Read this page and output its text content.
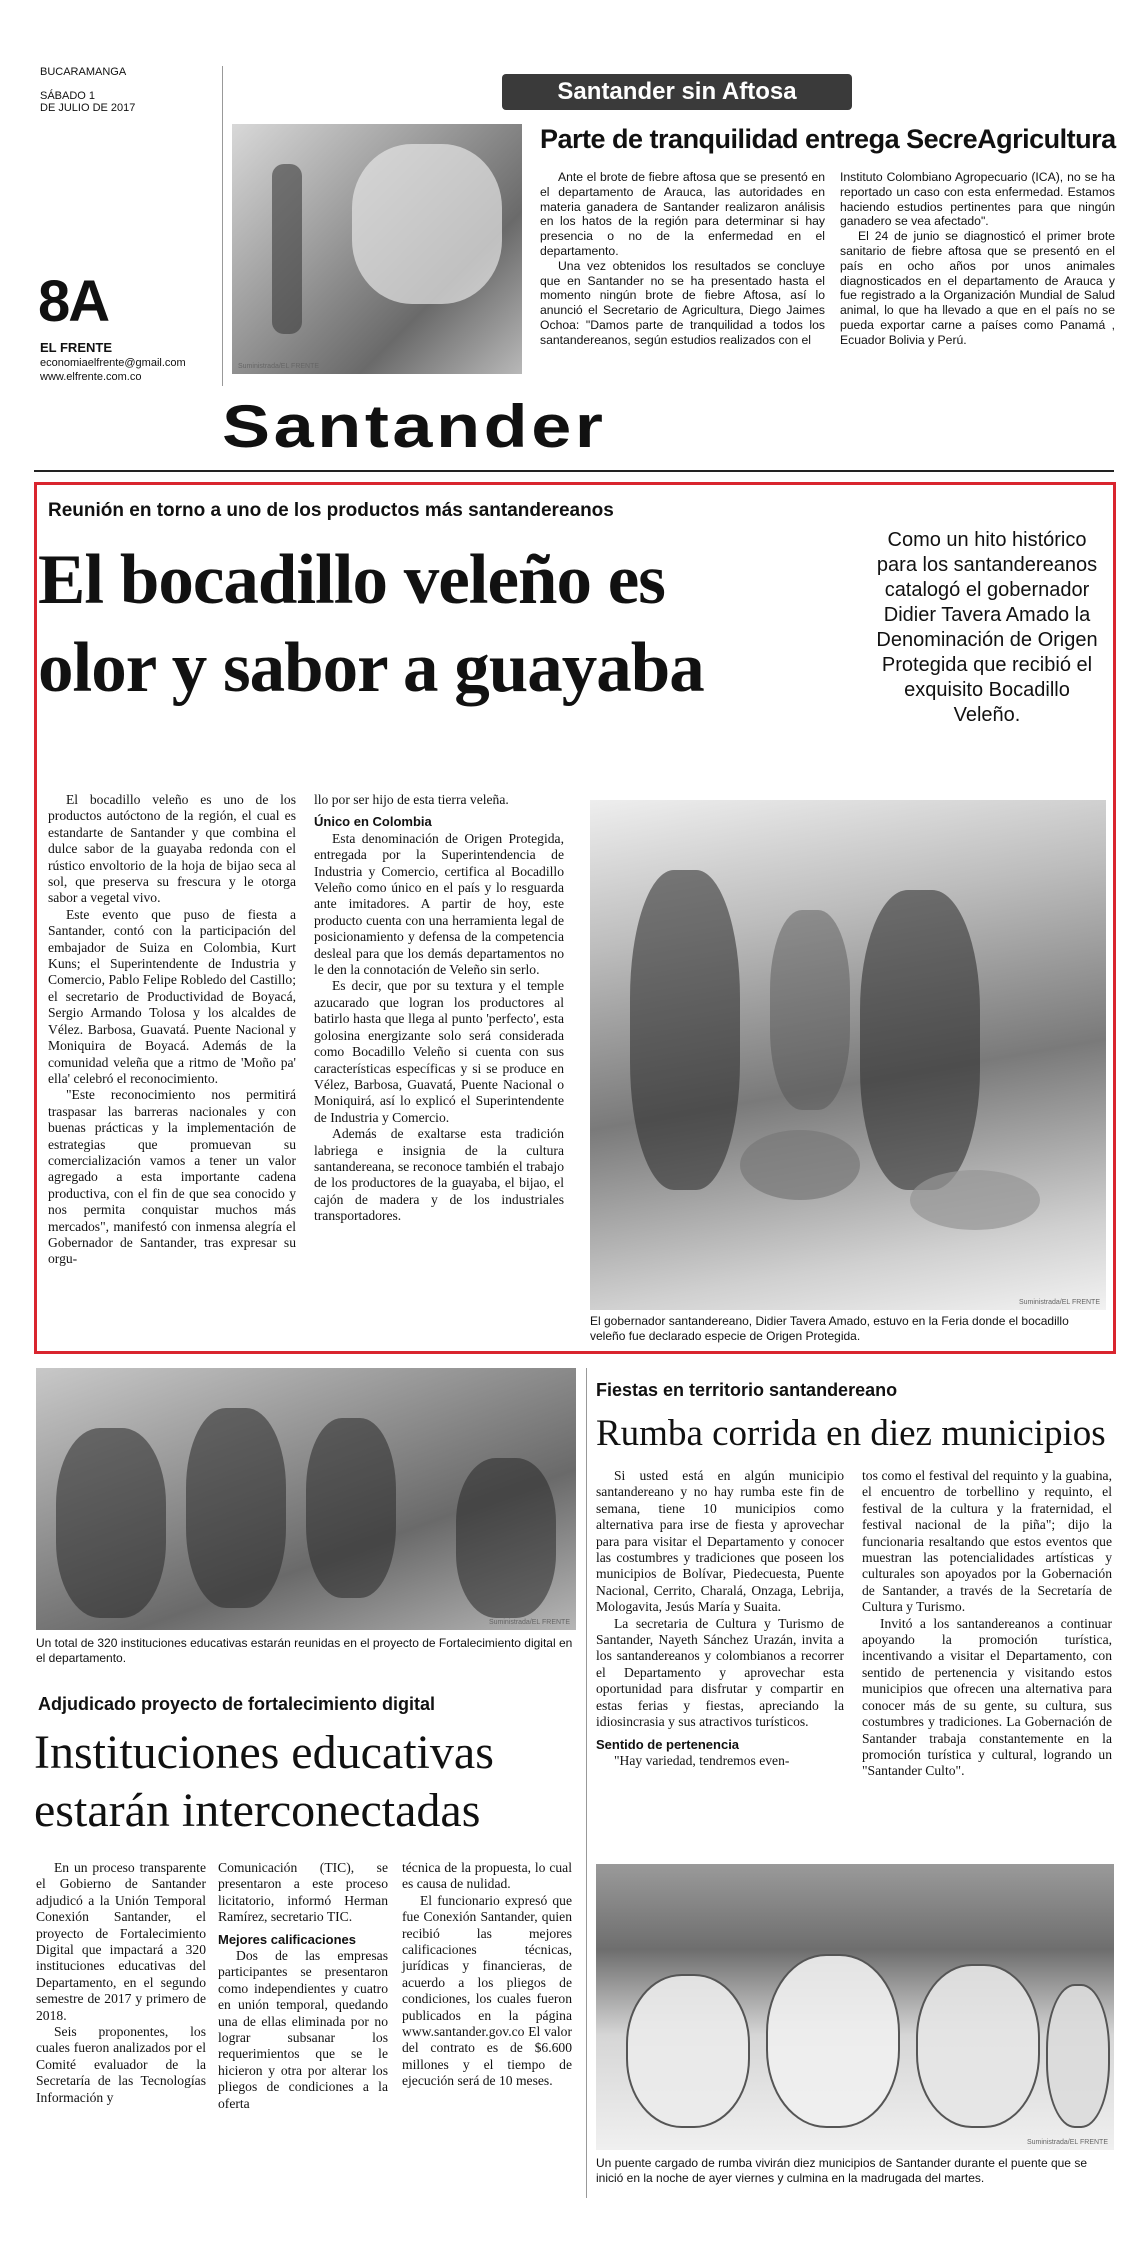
BUCARAMANGA
SÁBADO 1
DE JULIO DE 2017
8A
EL FRENTE
economiaelfrente@gmail.com
www.elfrente.com.co
Santander sin Aftosa
Suministrada/EL FRENTE
Parte de tranquilidad entrega SecreAgricultura

Ante el brote de fiebre aftosa que se presentó en el departamento de Arauca, las autoridades en materia ganadera de Santander realizaron análisis en los hatos de la región para determinar si hay presencia o no de la enfermedad en el departamento.

Una vez obtenidos los resultados se concluye que en Santander no se ha presentado hasta el momento ningún brote de fiebre Aftosa, así lo anunció el Secretario de Agricultura, Diego Jaimes Ochoa: "Damos parte de tranquilidad a todos los santandereanos, según estudios realizados con el

Instituto Colombiano Agropecuario (ICA), no se ha reportado un caso con esta enfermedad. Estamos haciendo estudios pertinentes para que ningún ganadero se vea afectado".

El 24 de junio se diagnosticó el primer brote sanitario de fiebre aftosa que se presentó en el país en ocho años por unos animales diagnosticados en el departamento de Arauca y fue registrado a la Organización Mundial de Salud animal, lo que ha llevado a que en el país no se pueda exportar carne a países como Panamá , Ecuador Bolivia y Perú.

Santander
Reunión en torno a uno de los productos más santandereanos
El bocadillo veleño es
olor y sabor a guayaba
Como un hito histórico para los santandereanos catalogó el gobernador Didier Tavera Amado la Denominación de Origen Protegida que recibió el exquisito Bocadillo Veleño.

El bocadillo veleño es uno de los productos autóctono de la región, el cual es estandarte de Santander y que combina el dulce sabor de la guayaba redonda con el rústico envoltorio de la hoja de bijao seca al sol, que preserva su frescura y le otorga sabor a vegetal vivo.

Este evento que puso de fiesta a Santander, contó con la participación del embajador de Suiza en Colombia, Kurt Kuns; el Superintendente de Industria y Comercio, Pablo Felipe Robledo del Castillo; el secretario de Productividad de Boyacá, Sergio Armando Tolosa y los alcaldes de Vélez. Barbosa, Guavatá. Puente Nacional y Moniquira de Boyacá. Además de la comunidad veleña que a ritmo de 'Moño pa' ella' celebró el reconocimiento.

"Este reconocimiento nos permitirá traspasar las barreras nacionales y con buenas prácticas y la implementación de estrategias que promuevan su comercialización vamos a tener un valor agregado a esta importante cadena productiva, con el fin de que sea conocido y nos permita conquistar muchos más mercados", manifestó con inmensa alegría el Gobernador de Santander, tras expresar su orgu-

llo por ser hijo de esta tierra veleña.

Único en Colombia

Esta denominación de Origen Protegida, entregada por la Superintendencia de Industria y Comercio, certifica al Bocadillo Veleño como único en el país y lo resguarda ante imitadores. A partir de hoy, este producto cuenta con una herramienta legal de posicionamiento y defensa de la competencia desleal para que los demás departamentos no le den la connotación de Veleño sin serlo.

Es decir, que por su textura y el temple azucarado que logran los productores al batirlo hasta que llega al punto 'perfecto', esta golosina energizante solo será considerada como Bocadillo Veleño si cuenta con sus características específicas y si se produce en Vélez, Barbosa, Guavatá, Puente Nacional o Moniquirá, así lo explicó el Superintendente de Industria y Comercio.

Además de exaltarse esta tradición labriega e insignia de la cultura santandereana, se reconoce también el trabajo de los productores de la guayaba, el bijao, el cajón de madera y de los industriales transportadores.

Suministrada/EL FRENTE
El gobernador santandereano, Didier Tavera Amado, estuvo en la Feria donde el bocadillo veleño fue declarado especie de Origen Protegida.
Suministrada/EL FRENTE
Un total de 320 instituciones educativas estarán reunidas en el proyecto de Fortalecimiento digital en el departamento.
Adjudicado proyecto de fortalecimiento digital
Instituciones educativas
estarán interconectadas

En un proceso transparente el Gobierno de Santander adjudicó a la Unión Temporal Conexión Santander, el proyecto de Fortalecimiento Digital que impactará a 320 instituciones educativas del Departamento, en el segundo semestre de 2017 y primero de 2018.

Seis proponentes, los cuales fueron analizados por el Comité evaluador de la Secretaría de las Tecnologías Información y

Comunicación (TIC), se presentaron a este proceso licitatorio, informó Herman Ramírez, secretario TIC.

Mejores calificaciones

Dos de las empresas participantes se presentaron como independientes y cuatro en unión temporal, quedando una de ellas eliminada por no lograr subsanar los requerimientos que se le hicieron y otra por alterar los pliegos de condiciones a la oferta

técnica de la propuesta, lo cual es causa de nulidad.

El funcionario expresó que fue Conexión Santander, quien recibió las mejores calificaciones técnicas, jurídicas y financieras, de acuerdo a los pliegos de condiciones, los cuales fueron publicados en la página www.santander.gov.co El valor del contrato es de $6.600 millones y el tiempo de ejecución será de 10 meses.

Fiestas en territorio santandereano
Rumba corrida en diez municipios

Si usted está en algún municipio santandereano y no hay rumba este fin de semana, tiene 10 municipios como alternativa para irse de fiesta y aprovechar para para visitar el Departamento y conocer las costumbres y tradiciones que poseen los municipios de Bolívar, Piedecuesta, Puente Nacional, Cerrito, Charalá, Onzaga, Lebrija, Mologavita, Jesús María y Suaita.

La secretaria de Cultura y Turismo de Santander, Nayeth Sánchez Urazán, invita a los santandereanos y colombianos a recorrer el Departamento y aprovechar esta oportunidad para disfrutar y compartir en estas ferias y fiestas, apreciando la idiosincrasia y sus atractivos turísticos.

Sentido de pertenencia

"Hay variedad, tendremos even-

tos como el festival del requinto y la guabina, el encuentro de torbellino y requinto, el festival de la cultura y la fraternidad, el festival nacional de la piña"; dijo la funcionaria resaltando que estos eventos que muestran las potencialidades artísticas y culturales son apoyados por la Gobernación de Santander, a través de la Secretaría de Cultura y Turismo.

Invitó a los santandereanos a continuar apoyando la promoción turística, incentivando a visitar el Departamento, con sentido de pertenencia y visitando estos municipios que ofrecen una alternativa para conocer más de su gente, su cultura, sus costumbres y tradiciones. La Gobernación de Santander trabaja constantemente en la promoción turística y cultural, logrando un "Santander Culto".

Suministrada/EL FRENTE
Un puente cargado de rumba vivirán diez municipios de Santander durante el puente que se inició en la noche de ayer viernes y culmina en la madrugada del martes.
